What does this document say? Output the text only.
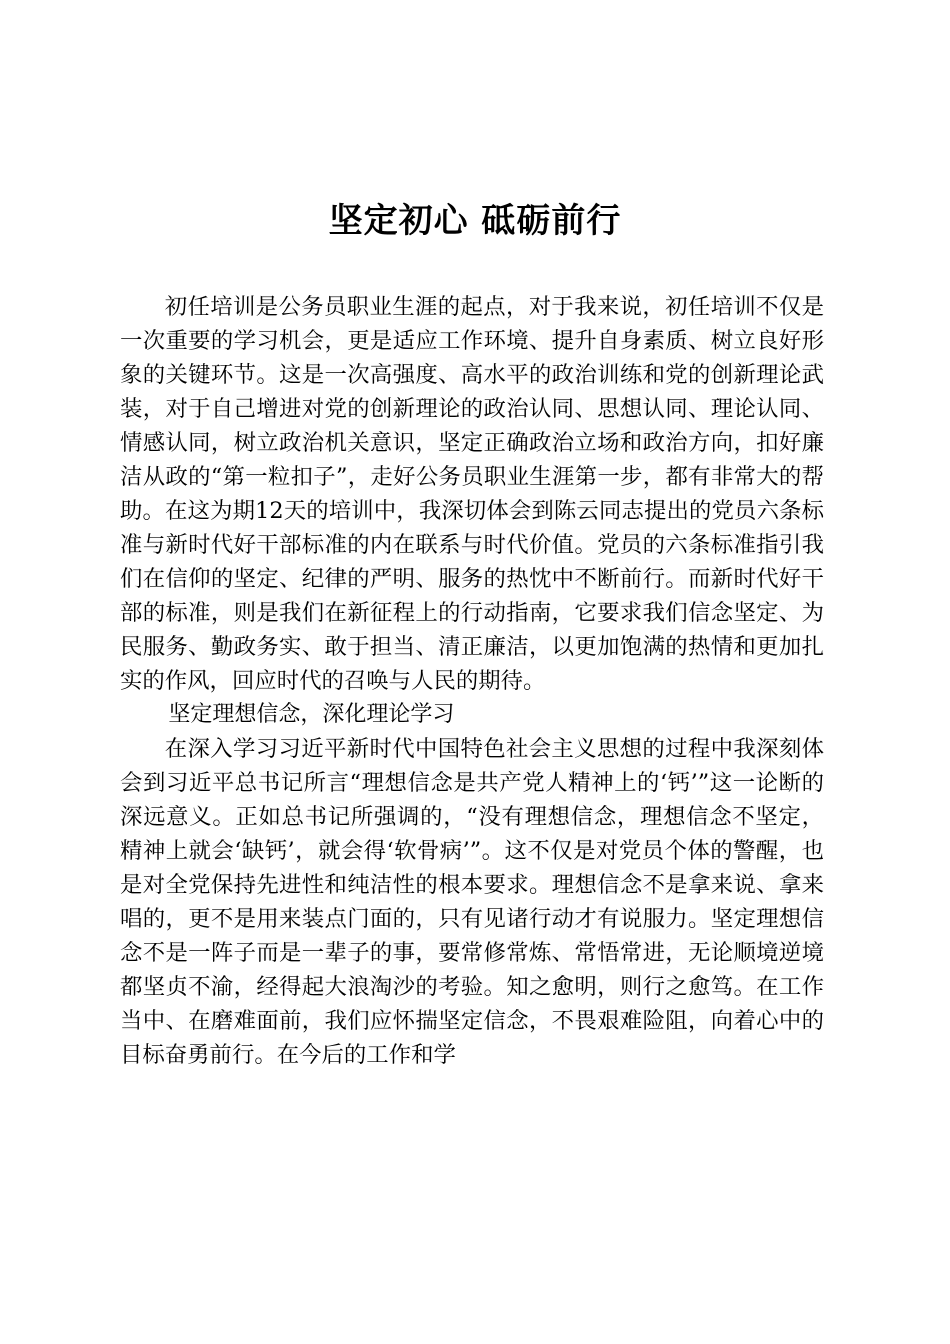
坚定初心 砥砺前行

初任培训是公务员职业生涯的起点，对于我来说，初任培训不仅是一次重要的学习机会，更是适应工作环境、提升自身素质、树立良好形象的关键环节。这是一次高强度、高水平的政治训练和党的创新理论武装，对于自己增进对党的创新理论的政治认同、思想认同、理论认同、情感认同，树立政治机关意识，坚定正确政治立场和政治方向，扣好廉洁从政的“第一粒扣子”，走好公务员职业生涯第一步，都有非常大的帮助。在这为期12天的培训中，我深切体会到陈云同志提出的党员六条标准与新时代好干部标准的内在联系与时代价值。党员的六条标准指引我们在信仰的坚定、纪律的严明、服务的热忱中不断前行。而新时代好干部的标准，则是我们在新征程上的行动指南，它要求我们信念坚定、为民服务、勤政务实、敢于担当、清正廉洁，以更加饱满的热情和更加扎实的作风，回应时代的召唤与人民的期待。

坚定理想信念，深化理论学习

在深入学习习近平新时代中国特色社会主义思想的过程中我深刻体会到习近平总书记所言“理想信念是共产党人精神上的‘钙’”这一论断的深远意义。正如总书记所强调的，“没有理想信念，理想信念不坚定，精神上就会‘缺钙’，就会得‘软骨病’”。这不仅是对党员个体的警醒，也是对全党保持先进性和纯洁性的根本要求。理想信念不是拿来说、拿来唱的，更不是用来装点门面的，只有见诸行动才有说服力。坚定理想信念不是一阵子而是一辈子的事，要常修常炼、常悟常进，无论顺境逆境都坚贞不渝，经得起大浪淘沙的考验。知之愈明，则行之愈笃。在工作当中、在磨难面前，我们应怀揣坚定信念，不畏艰难险阻，向着心中的目标奋勇前行。在今后的工作和学
